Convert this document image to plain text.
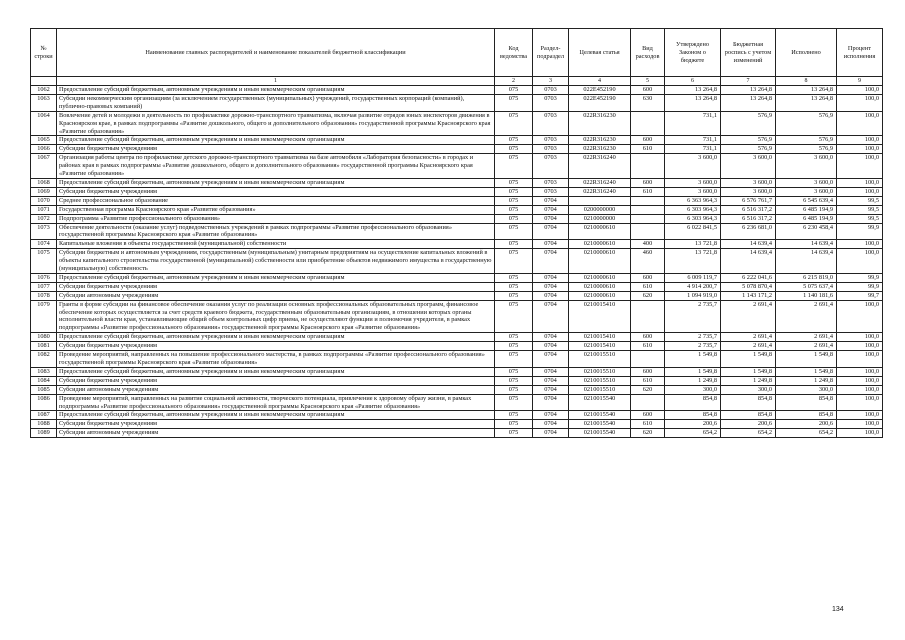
№ строки	Наименование главных распорядителей и наименование показателей бюджетной классификации	Код ведомства	Раздел-подраздел	Целевая статья	Вид расходов	Утверждено Законом о бюджете	Бюджетная роспись с учетом изменений	Исполнено	Процент исполнения
	1	2	3	4	5	6	7	8	9
1062	Предоставление субсидий бюджетным, автономным учреждениям и иным некоммерческим организациям	075	0703	022Е452190	600	13 264,8	13 264,8	13 264,8	100,0
1063	Субсидии некоммерческим организациям (за исключением государственных (муниципальных) учреждений, государственных корпораций (компаний), публично-правовых компаний)	075	0703	022Е452190	630	13 264,8	13 264,8	13 264,8	100,0
1064	Вовлечение детей и молодежи в деятельность по профилактике дорожно-транспортного травматизма, включая развитие отрядов юных инспекторов движения в Красноярском крае, в рамках подпрограммы «Развитие дошкольного, общего и дополнительного образования» государственной программы Красноярского края «Развитие образования»	075	0703	022R316230		731,1	576,9	576,9	100,0
1065	Предоставление субсидий бюджетным, автономным учреждениям и иным некоммерческим организациям	075	0703	022R316230	600	731,1	576,9	576,9	100,0
1066	Субсидии бюджетным учреждениям	075	0703	022R316230	610	731,1	576,9	576,9	100,0
1067	Организация работы центра по профилактике детского дорожно-транспортного травматизма на базе автомобиля «Лаборатория безопасности» в городах и районах края в рамках подпрограммы «Развитие дошкольного, общего и дополнительного образования» государственной программы Красноярского края «Развитие образования»	075	0703	022R316240		3 600,0	3 600,0	3 600,0	100,0
1068	Предоставление субсидий бюджетным, автономным учреждениям и иным некоммерческим организациям	075	0703	022R316240	600	3 600,0	3 600,0	3 600,0	100,0
1069	Субсидии бюджетным учреждениям	075	0703	022R316240	610	3 600,0	3 600,0	3 600,0	100,0
1070	Среднее профессиональное образование	075	0704			6 363 964,3	6 576 761,7	6 545 639,4	99,5
1071	Государственная программа Красноярского края «Развитие образования»	075	0704	0200000000		6 303 964,3	6 516 317,2	6 485 194,9	99,5
1072	Подпрограмма «Развитие профессионального образования»	075	0704	0210000000		6 303 964,3	6 516 317,2	6 485 194,9	99,5
1073	Обеспечение деятельности (оказание услуг) подведомственных учреждений в рамках подпрограммы «Развитие профессионального образования» государственной программы Красноярского края «Развитие образования»	075	0704	0210000610		6 022 841,5	6 236 681,0	6 230 458,4	99,9
1074	Капитальные вложения в объекты государственной (муниципальной) собственности	075	0704	0210000610	400	13 721,8	14 639,4	14 639,4	100,0
1075	Субсидии бюджетным и автономным учреждениям, государственным (муниципальным) унитарным предприятиям на осуществление капитальных вложений в объекты капитального строительства государственной (муниципальной) собственности или приобретение объектов недвижимого имущества в государственную (муниципальную) собственность	075	0704	0210000610	460	13 721,8	14 639,4	14 639,4	100,0
1076	Предоставление субсидий бюджетным, автономным учреждениям и иным некоммерческим организациям	075	0704	0210000610	600	6 009 119,7	6 222 041,6	6 215 819,0	99,9
1077	Субсидии бюджетным учреждениям	075	0704	0210000610	610	4 914 200,7	5 078 870,4	5 075 637,4	99,9
1078	Субсидии автономным учреждениям	075	0704	0210000610	620	1 094 919,0	1 143 171,2	1 140 181,6	99,7
1079	Гранты в форме субсидии на финансовое обеспечение оказания услуг по реализации основных профессиональных образовательных программ, финансовое обеспечение которых осуществляется за счет средств краевого бюджета, государственным образовательным организациям, в отношении которых органы исполнительной власти края, устанавливающие общий объем контрольных цифр приема, не осуществляют функции и полномочия учредителя, в рамках подпрограммы «Развитие профессионального образования» государственной программы Красноярского края «Развитие образования»	075	0704	0210015410		2 735,7	2 691,4	2 691,4	100,0
1080	Предоставление субсидий бюджетным, автономным учреждениям и иным некоммерческим организациям	075	0704	0210015410	600	2 735,7	2 691,4	2 691,4	100,0
1081	Субсидии бюджетным учреждениям	075	0704	0210015410	610	2 735,7	2 691,4	2 691,4	100,0
1082	Проведение мероприятий, направленных на повышение профессионального мастерства, в рамках подпрограммы «Развитие профессионального образования» государственной программы Красноярского края «Развитие образования»	075	0704	0210015510		1 549,8	1 549,8	1 549,8	100,0
1083	Предоставление субсидий бюджетным, автономным учреждениям и иным некоммерческим организациям	075	0704	0210015510	600	1 549,8	1 549,8	1 549,8	100,0
1084	Субсидии бюджетным учреждениям	075	0704	0210015510	610	1 249,8	1 249,8	1 249,8	100,0
1085	Субсидии автономным учреждениям	075	0704	0210015510	620	300,0	300,0	300,0	100,0
1086	Проведение мероприятий, направленных на развитие социальной активности, творческого потенциала, привлечение к здоровому образу жизни, в рамках подпрограммы «Развитие профессионального образования» государственной программы Красноярского края «Развитие образования»	075	0704	0210015540		854,8	854,8	854,8	100,0
1087	Предоставление субсидий бюджетным, автономным учреждениям и иным некоммерческим организациям	075	0704	0210015540	600	854,8	854,8	854,8	100,0
1088	Субсидии бюджетным учреждениям	075	0704	0210015540	610	200,6	200,6	200,6	100,0
1089	Субсидии автономным учреждениям	075	0704	0210015540	620	654,2	654,2	654,2	100,0
134
